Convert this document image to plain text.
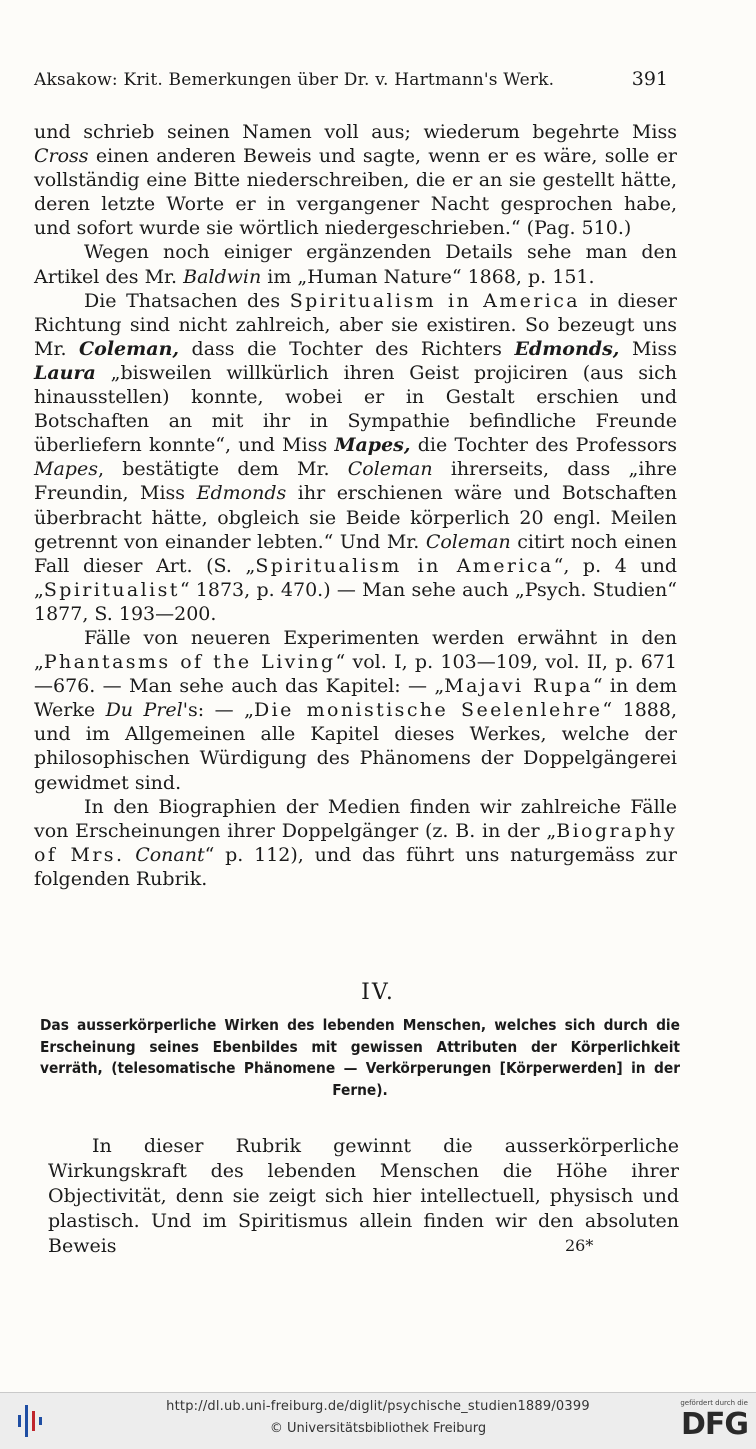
Aksakow: Krit. Bemerkungen über Dr. v. Hartmann's Werk.	391

und schrieb seinen Namen voll aus; wiederum begehrte Miss Cross einen anderen Beweis und sagte, wenn er es wäre, solle er vollständig eine Bitte niederschreiben, die er an sie gestellt hätte, deren letzte Worte er in vergangener Nacht gesprochen habe, und sofort wurde sie wörtlich niedergeschrieben.“ (Pag. 510.)

Wegen noch einiger ergänzenden Details sehe man den Artikel des Mr. Baldwin im „Human Nature“ 1868, p. 151.

Die Thatsachen des Spiritualism in America in dieser Richtung sind nicht zahlreich, aber sie existiren. So bezeugt uns Mr. Coleman, dass die Tochter des Richters Edmonds, Miss Laura „bisweilen willkürlich ihren Geist projiciren (aus sich hinausstellen) konnte, wobei er in Gestalt erschien und Botschaften an mit ihr in Sympathie befindliche Freunde überliefern konnte“, und Miss Mapes, die Tochter des Professors Mapes, bestätigte dem Mr. Coleman ihrerseits, dass „ihre Freundin, Miss Edmonds ihr erschienen wäre und Botschaften überbracht hätte, obgleich sie Beide körperlich 20 engl. Meilen getrennt von einander lebten.“ Und Mr. Coleman citirt noch einen Fall dieser Art. (S. „Spiritualism in America“, p. 4 und „Spiritualist“ 1873, p. 470.) — Man sehe auch „Psych. Studien“ 1877, S. 193—200.

Fälle von neueren Experimenten werden erwähnt in den „Phantasms of the Living“ vol. I, p. 103—109, vol. II, p. 671—676. — Man sehe auch das Kapitel: — „Majavi Rupa“ in dem Werke Du Prel's: — „Die monistische Seelenlehre“ 1888, und im Allgemeinen alle Kapitel dieses Werkes, welche der philosophischen Würdigung des Phänomens der Doppelgängerei gewidmet sind.

In den Biographien der Medien finden wir zahlreiche Fälle von Erscheinungen ihrer Doppelgänger (z. B. in der „Biography of Mrs. Conant“ p. 112), und das führt uns naturgemäss zur folgenden Rubrik.

IV.
Das ausserkörperliche Wirken des lebenden Menschen, welches sich durch die Erscheinung seines Ebenbildes mit gewissen Attributen der Körperlichkeit verräth, (telesomatische Phänomene — Verkörperungen [Körperwerden] in der Ferne).

In dieser Rubrik gewinnt die ausserkörperliche Wirkungskraft des lebenden Menschen die Höhe ihrer Objectivität, denn sie zeigt sich hier intellectuell, physisch und plastisch. Und im Spiritismus allein finden wir den absoluten Beweis	26*
http://dl.ub.uni-freiburg.de/diglit/psychische_studien1889/0399
© Universitätsbibliothek Freiburg
gefördert durch die
DFG
